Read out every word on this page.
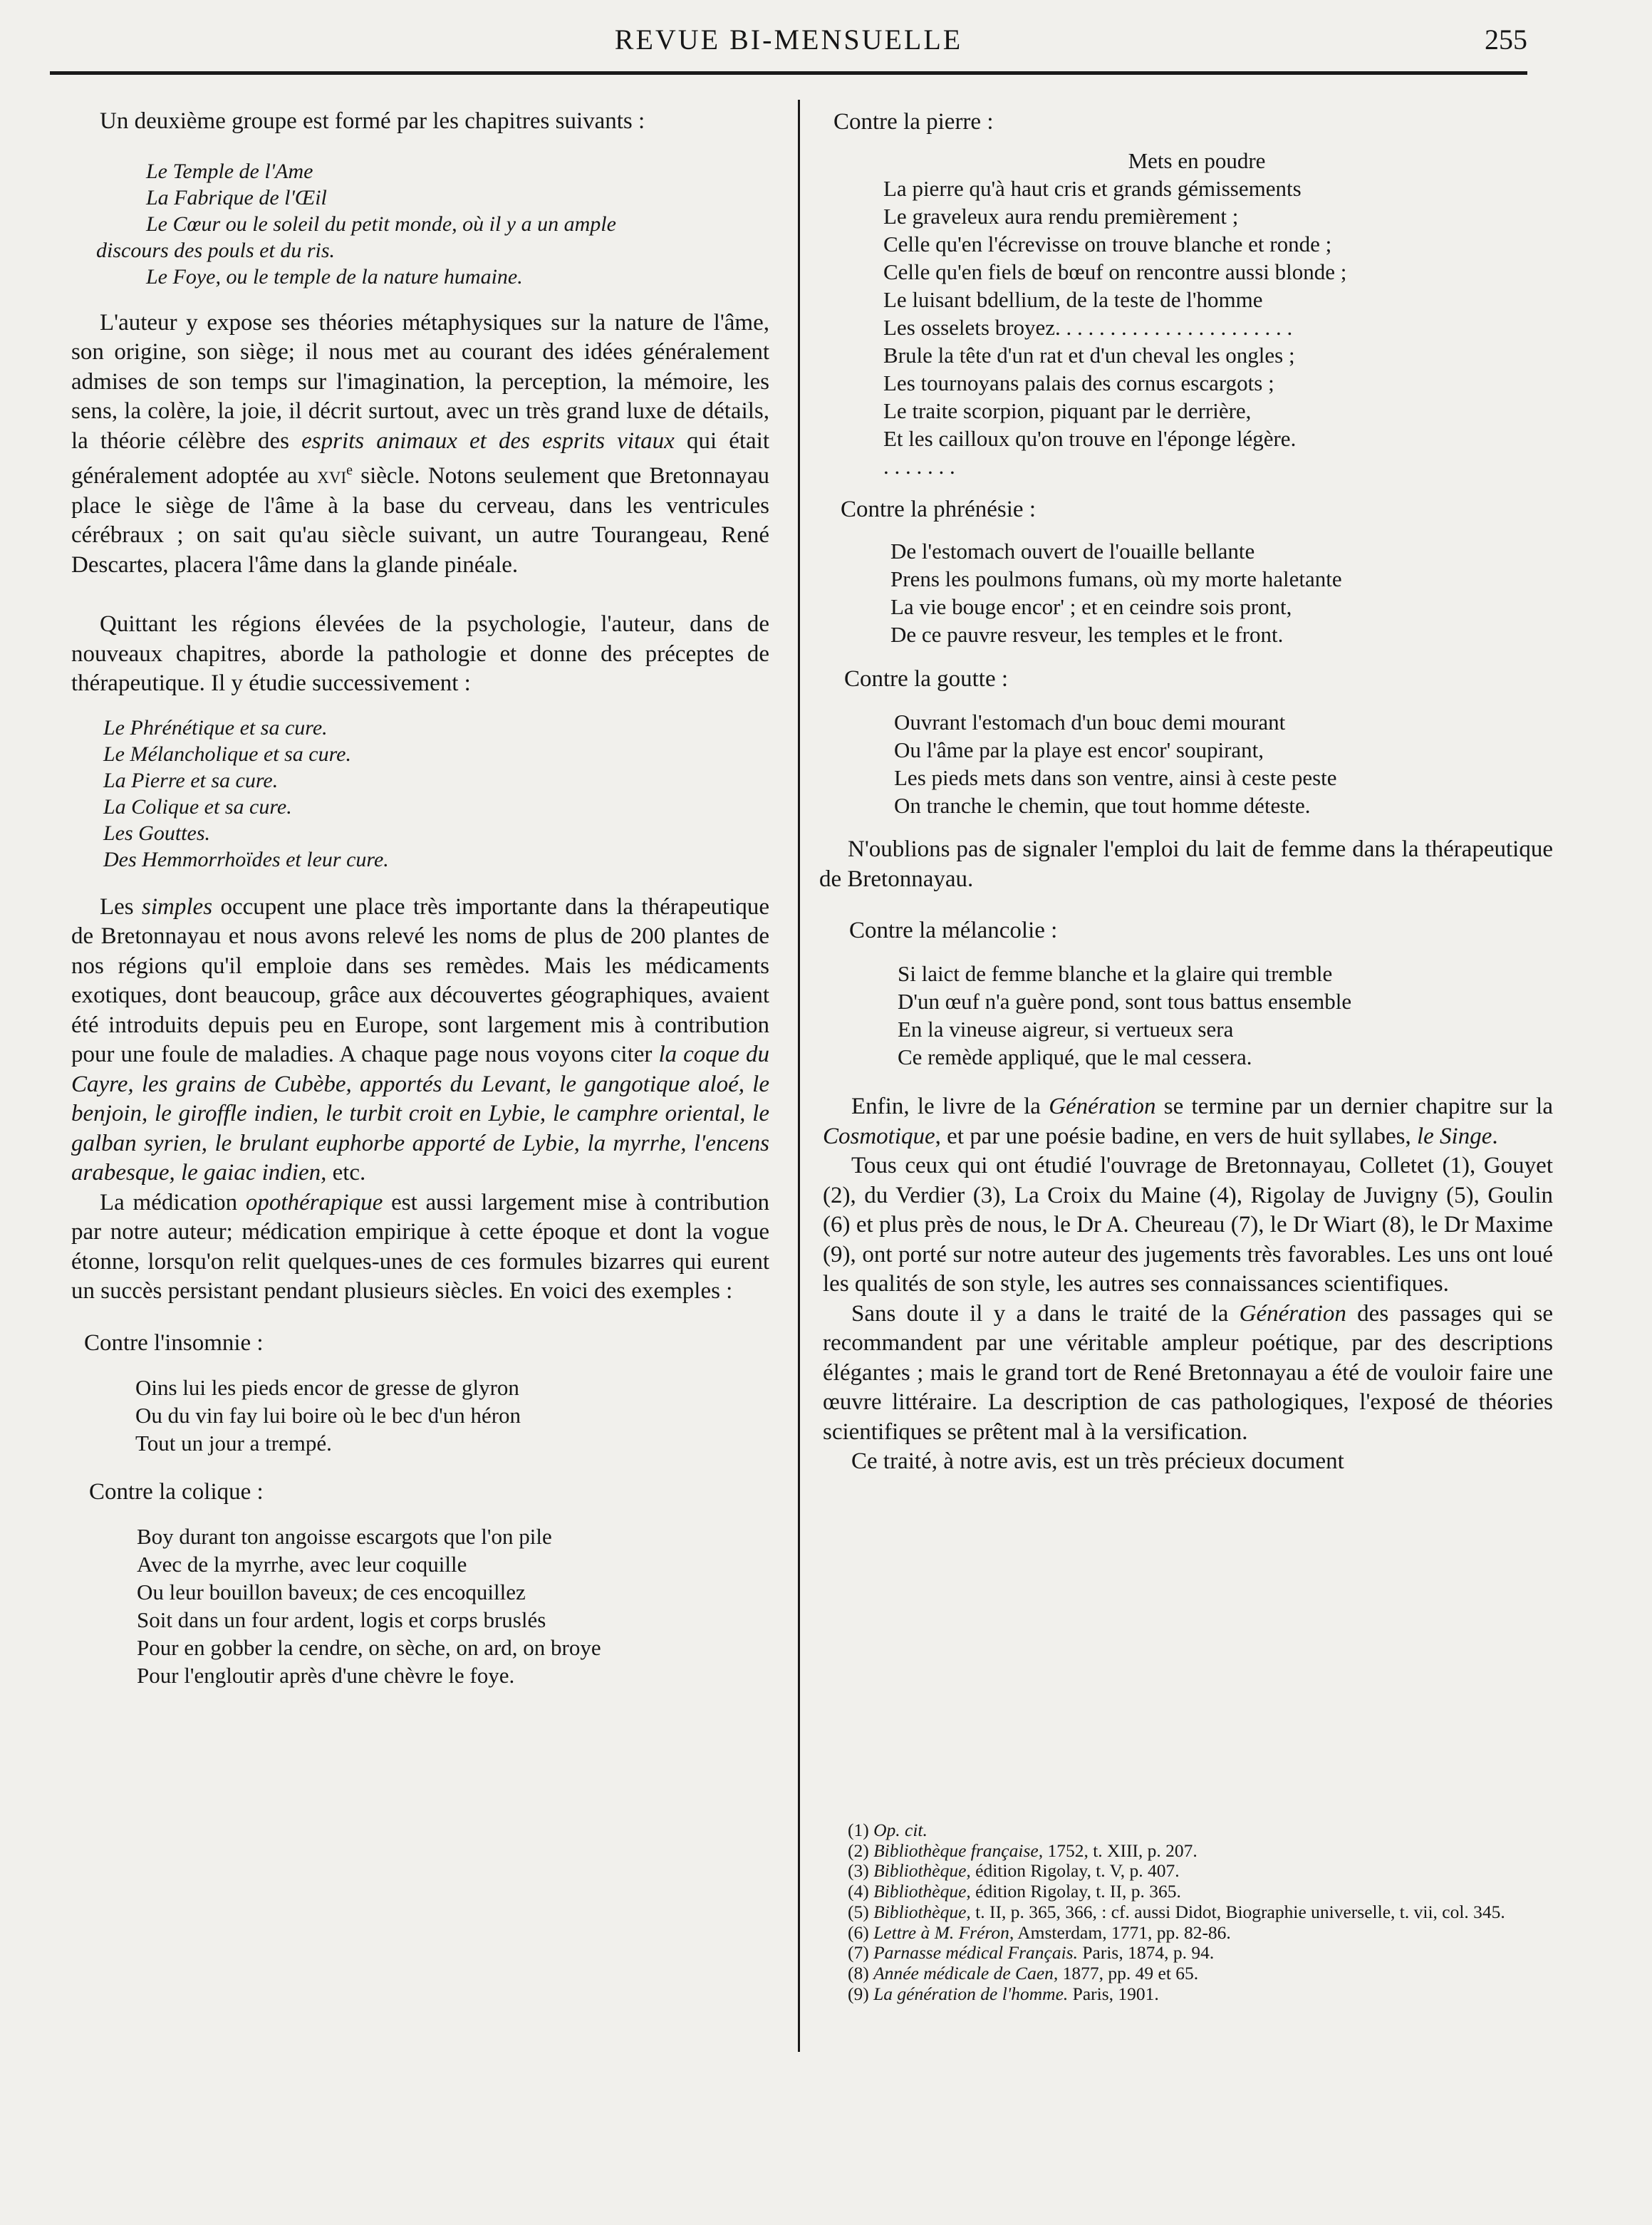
REVUE BI-MENSUELLE	255

Un deuxième groupe est formé par les chapitres suivants :

Le Temple de l'Ame
La Fabrique de l'Œil
Le Cœur ou le soleil du petit monde, où il y a un ample
discours des pouls et du ris.
Le Foye, ou le temple de la nature humaine.

L'auteur y expose ses théories métaphysiques sur la nature de l'âme, son origine, son siège; il nous met au courant des idées généralement admises de son temps sur l'imagination, la perception, la mémoire, les sens, la colère, la joie, il décrit surtout, avec un très grand luxe de détails, la théorie célèbre des esprits animaux et des esprits vitaux qui était généralement adoptée au xvi$^e$ siècle. Notons seulement que Bretonnayau place le siège de l'âme à la base du cerveau, dans les ventricules cérébraux ; on sait qu'au siècle suivant, un autre Tourangeau, René Descartes, placera l'âme dans la glande pinéale.

Quittant les régions élevées de la psychologie, l'auteur, dans de nouveaux chapitres, aborde la pathologie et donne des préceptes de thérapeutique. Il y étudie successivement :

Le Phrénétique et sa cure.
Le Mélancholique et sa cure.
La Pierre et sa cure.
La Colique et sa cure.
Les Gouttes.
Des Hemmorrhoïdes et leur cure.

Les simples occupent une place très importante dans la thérapeutique de Bretonnayau et nous avons relevé les noms de plus de 200 plantes de nos régions qu'il emploie dans ses remèdes. Mais les médicaments exotiques, dont beaucoup, grâce aux découvertes géographiques, avaient été introduits depuis peu en Europe, sont largement mis à contribution pour une foule de maladies. A chaque page nous voyons citer la coque du Cayre, les grains de Cubèbe, apportés du Levant, le gangotique aloé, le benjoin, le giroffle indien, le turbit croit en Lybie, le camphre oriental, le galban syrien, le brulant euphorbe apporté de Lybie, la myrrhe, l'encens arabesque, le gaiac indien, etc.

La médication opothérapique est aussi largement mise à contribution par notre auteur; médication empirique à cette époque et dont la vogue étonne, lorsqu'on relit quelques-unes de ces formules bizarres qui eurent un succès persistant pendant plusieurs siècles. En voici des exemples :

Contre l'insomnie :
Oins lui les pieds encor de gresse de glyron
Ou du vin fay lui boire où le bec d'un héron
Tout un jour a trempé.
Contre la colique :
Boy durant ton angoisse escargots que l'on pile
Avec de la myrrhe, avec leur coquille
Ou leur bouillon baveux; de ces encoquillez
Soit dans un four ardent, logis et corps bruslés
Pour en gobber la cendre, on sèche, on ard, on broye
Pour l'engloutir après d'une chèvre le foye.
Contre la pierre :
Mets en poudre
La pierre qu'à haut cris et grands gémissements
Le graveleux aura rendu premièrement ;
Celle qu'en l'écrevisse on trouve blanche et ronde ;
Celle qu'en fiels de bœuf on rencontre aussi blonde ;
Le luisant bdellium, de la teste de l'homme
Les osselets broyez. . . . . . . . . . . . . . . . . . . . . .
Brule la tête d'un rat et d'un cheval les ongles ;
Les tournoyans palais des cornus escargots ;
Le traite scorpion, piquant par le derrière,
Et les cailloux qu'on trouve en l'éponge légère.
. . . . . . .
Contre la phrénésie :
De l'estomach ouvert de l'ouaille bellante
Prens les poulmons fumans, où my morte haletante
La vie bouge encor' ; et en ceindre sois pront,
De ce pauvre resveur, les temples et le front.
Contre la goutte :
Ouvrant l'estomach d'un bouc demi mourant
Ou l'âme par la playe est encor' soupirant,
Les pieds mets dans son ventre, ainsi à ceste peste
On tranche le chemin, que tout homme déteste.

N'oublions pas de signaler l'emploi du lait de femme dans la thérapeutique de Bretonnayau.

Contre la mélancolie :
Si laict de femme blanche et la glaire qui tremble
D'un œuf n'a guère pond, sont tous battus ensemble
En la vineuse aigreur, si vertueux sera
Ce remède appliqué, que le mal cessera.

Enfin, le livre de la Génération se termine par un dernier chapitre sur la Cosmotique, et par une poésie badine, en vers de huit syllabes, le Singe.

Tous ceux qui ont étudié l'ouvrage de Bretonnayau, Colletet (1), Gouyet (2), du Verdier (3), La Croix du Maine (4), Rigolay de Juvigny (5), Goulin (6) et plus près de nous, le Dr A. Cheureau (7), le Dr Wiart (8), le Dr Maxime (9), ont porté sur notre auteur des jugements très favorables. Les uns ont loué les qualités de son style, les autres ses connaissances scientifiques.

Sans doute il y a dans le traité de la Génération des passages qui se recommandent par une véritable ampleur poétique, par des descriptions élégantes ; mais le grand tort de René Bretonnayau a été de vouloir faire une œuvre littéraire. La description de cas pathologiques, l'exposé de théories scientifiques se prêtent mal à la versification.

Ce traité, à notre avis, est un très précieux document

(1) Op. cit.
(2) Bibliothèque française, 1752, t. XIII, p. 207.
(3) Bibliothèque, édition Rigolay, t. V, p. 407.
(4) Bibliothèque, édition Rigolay, t. II, p. 365.
(5) Bibliothèque, t. II, p. 365, 366, : cf. aussi Didot, Biographie universelle, t. vii, col. 345.
(6) Lettre à M. Fréron, Amsterdam, 1771, pp. 82-86.
(7) Parnasse médical Français. Paris, 1874, p. 94.
(8) Année médicale de Caen, 1877, pp. 49 et 65.
(9) La génération de l'homme. Paris, 1901.
